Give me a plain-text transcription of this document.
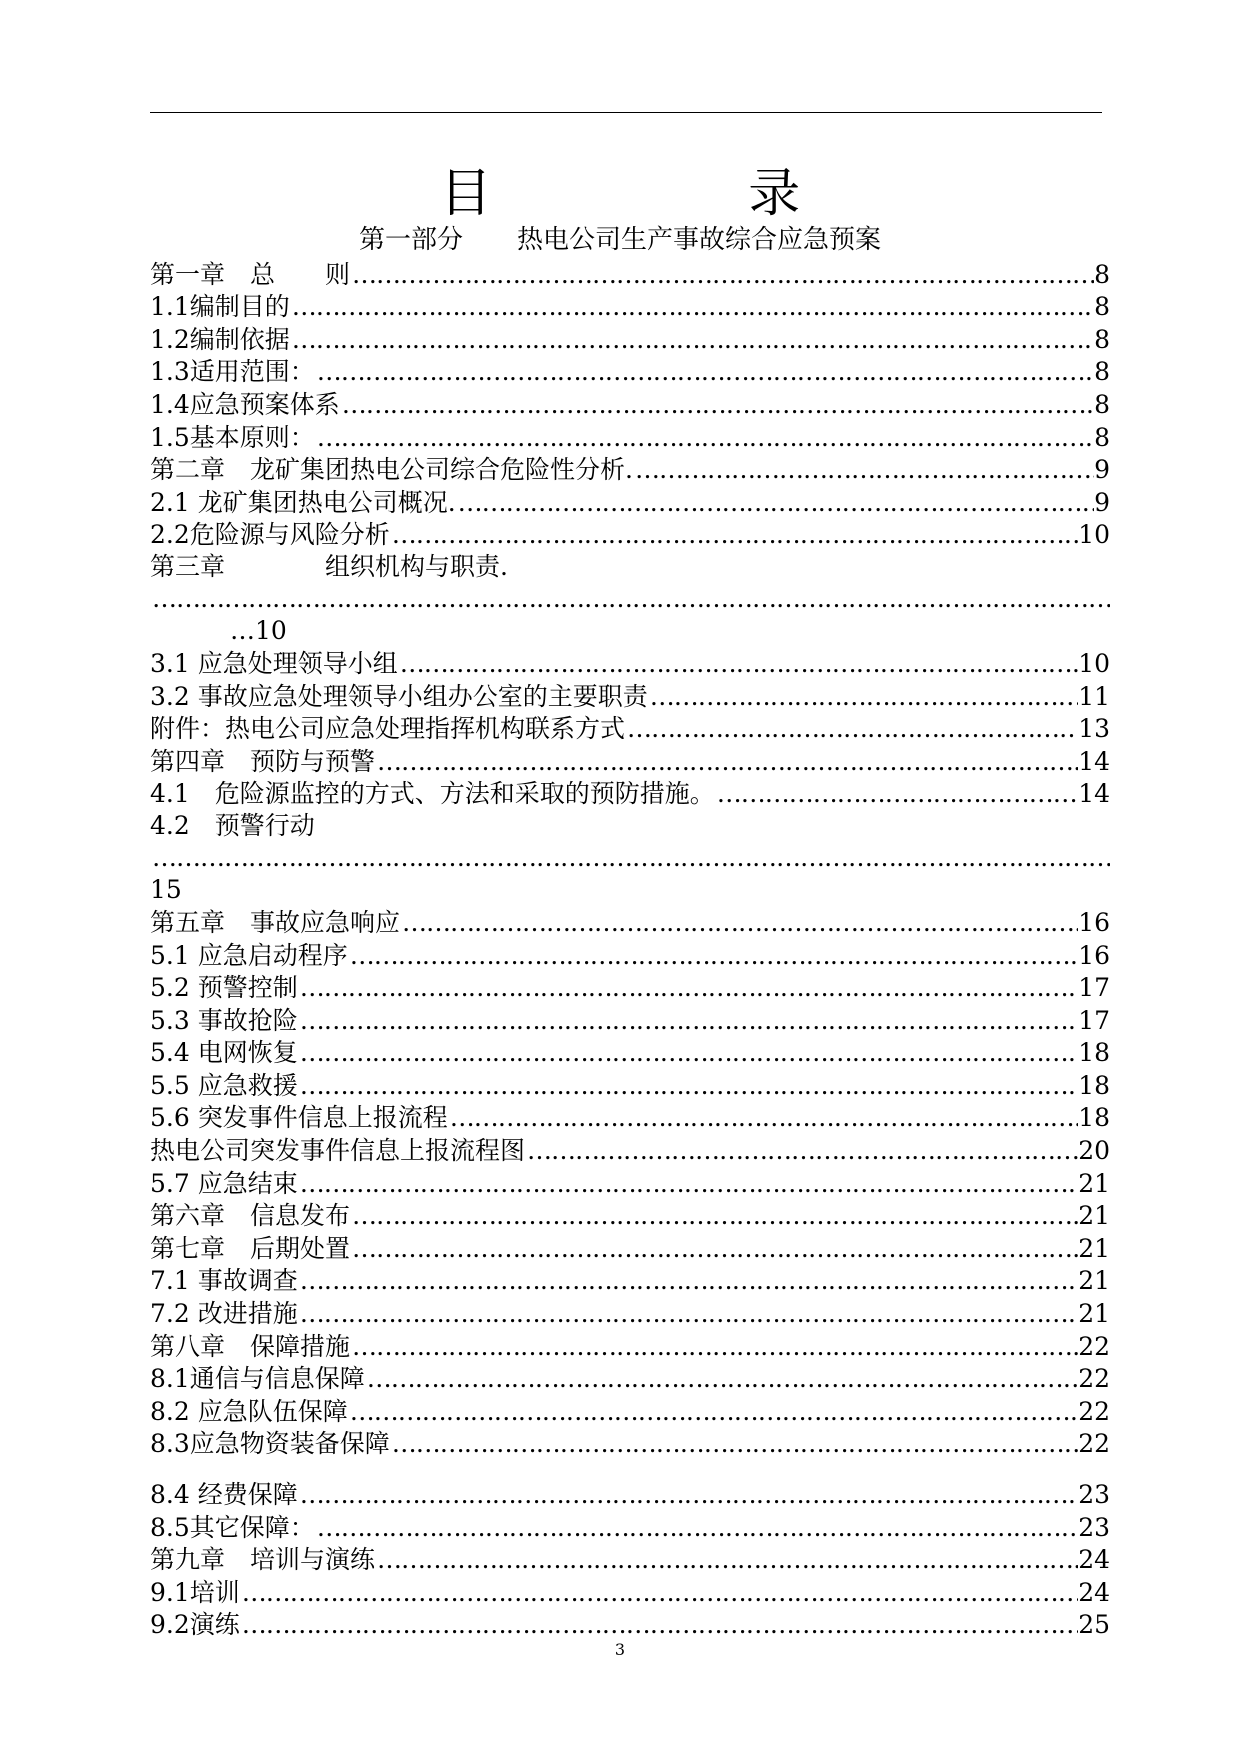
目 录
第一部分 热电公司生产事故综合应急预案
第一章　总　　则 ……………………………………………………………………………………………………………………………………………………	8
1.1编制目的 ……………………………………………………………………………………………………………………………………………………	8
1.2编制依据 ……………………………………………………………………………………………………………………………………………………	8
1.3适用范围： ……………………………………………………………………………………………………………………………………………………	8
1.4应急预案体系 ……………………………………………………………………………………………………………………………………………………	8
1.5基本原则： ……………………………………………………………………………………………………………………………………………………	8
第二章　龙矿集团热电公司综合危险性分析. ……………………………………………………………………………………………………………………………………………………	9
2.1 龙矿集团热电公司概况. ……………………………………………………………………………………………………………………………………………………	9
2.2危险源与风险分析 ……………………………………………………………………………………………………………………………………………………	10
第三章　　　　组织机构与职责.
……………………………………………………………………………………………………………………………………………………
…10
3.1 应急处理领导小组 ……………………………………………………………………………………………………………………………………………………	10
3.2 事故应急处理领导小组办公室的主要职责 ……………………………………………………………………………………………………………………………………………………	11
附件：热电公司应急处理指挥机构联系方式 ……………………………………………………………………………………………………………………………………………………	13
第四章　预防与预警 ……………………………………………………………………………………………………………………………………………………	14
4.1　危险源监控的方式、方法和采取的预防措施。 ……………………………………………………………………………………………………………………………………………………	14
4.2　预警行动
……………………………………………………………………………………………………………………………………………………
15
第五章　事故应急响应 ……………………………………………………………………………………………………………………………………………………	16
5.1 应急启动程序 ……………………………………………………………………………………………………………………………………………………	16
5.2 预警控制 ……………………………………………………………………………………………………………………………………………………	17
5.3 事故抢险 ……………………………………………………………………………………………………………………………………………………	17
5.4 电网恢复 ……………………………………………………………………………………………………………………………………………………	18
5.5 应急救援 ……………………………………………………………………………………………………………………………………………………	18
5.6 突发事件信息上报流程 ……………………………………………………………………………………………………………………………………………………	18
热电公司突发事件信息上报流程图 ……………………………………………………………………………………………………………………………………………………	20
5.7 应急结束 ……………………………………………………………………………………………………………………………………………………	21
第六章　信息发布 ……………………………………………………………………………………………………………………………………………………	21
第七章　后期处置 ……………………………………………………………………………………………………………………………………………………	21
7.1 事故调查 ……………………………………………………………………………………………………………………………………………………	21
7.2 改进措施 ……………………………………………………………………………………………………………………………………………………	21
第八章　保障措施 ……………………………………………………………………………………………………………………………………………………	22
8.1通信与信息保障 ……………………………………………………………………………………………………………………………………………………	22
8.2 应急队伍保障 ……………………………………………………………………………………………………………………………………………………	22
8.3应急物资装备保障 ……………………………………………………………………………………………………………………………………………………	22
8.4 经费保障 ……………………………………………………………………………………………………………………………………………………	23
8.5其它保障： ……………………………………………………………………………………………………………………………………………………	23
第九章　培训与演练 ……………………………………………………………………………………………………………………………………………………	24
9.1培训 ……………………………………………………………………………………………………………………………………………………	24
9.2演练 ……………………………………………………………………………………………………………………………………………………	25
3
